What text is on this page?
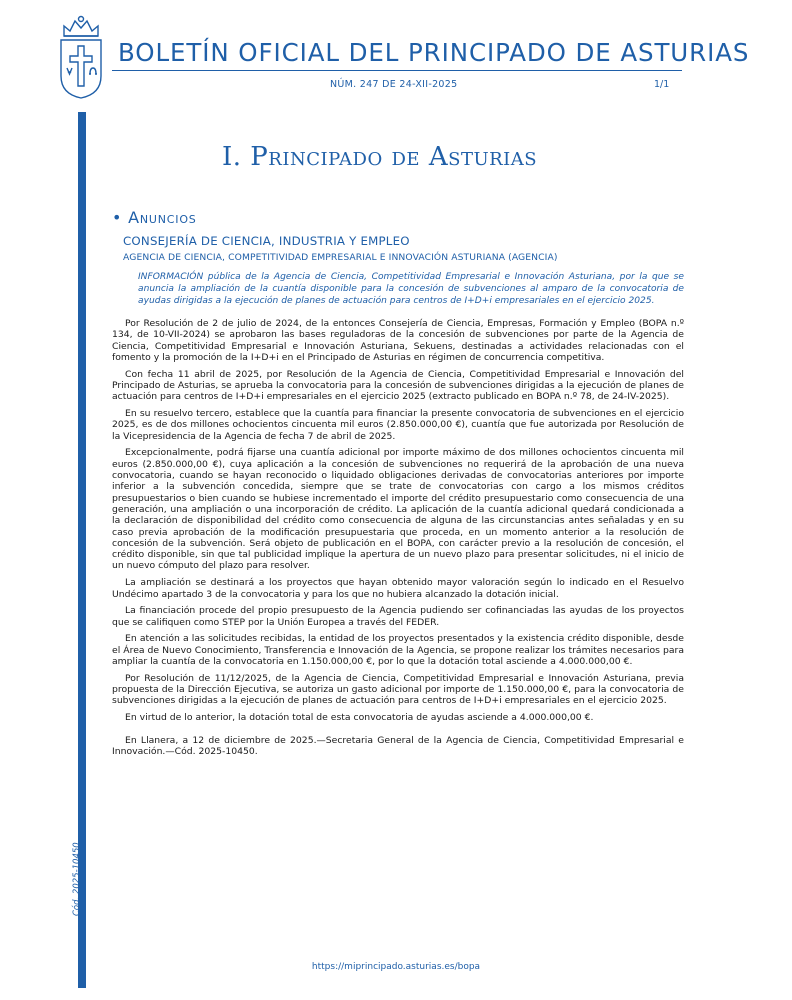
BOLETÍN OFICIAL DEL PRINCIPADO DE ASTURIAS
NÚM. 247 DE 24-XII-2025	1/1
Cód. 2025-10450
I. Principado de Asturias
• Anuncios
CONSEJERÍA DE CIENCIA, INDUSTRIA Y EMPLEO
AGENCIA DE CIENCIA, COMPETITIVIDAD EMPRESARIAL E INNOVACIÓN ASTURIANA (AGENCIA)

INFORMACIÓN pública de la Agencia de Ciencia, Competitividad Empresarial e Innovación Asturiana, por la que se anuncia la ampliación de la cuantía disponible para la concesión de subvenciones al amparo de la convocatoria de ayudas dirigidas a la ejecución de planes de actuación para centros de I+D+i empresariales en el ejercicio 2025.

Por Resolución de 2 de julio de 2024, de la entonces Consejería de Ciencia, Empresas, Formación y Empleo (BOPA n.º 134, de 10-VII-2024) se aprobaron las bases reguladoras de la concesión de subvenciones por parte de la Agencia de Ciencia, Competitividad Empresarial e Innovación Asturiana, Sekuens, destinadas a actividades relacionadas con el fomento y la promoción de la I+D+i en el Principado de Asturias en régimen de concurrencia competitiva.

Con fecha 11 abril de 2025, por Resolución de la Agencia de Ciencia, Competitividad Empresarial e Innovación del Principado de Asturias, se aprueba la convocatoria para la concesión de subvenciones dirigidas a la ejecución de planes de actuación para centros de I+D+i empresariales en el ejercicio 2025 (extracto publicado en BOPA n.º 78, de 24-IV-2025).

En su resuelvo tercero, establece que la cuantía para financiar la presente convocatoria de subvenciones en el ejercicio 2025, es de dos millones ochocientos cincuenta mil euros (2.850.000,00 €), cuantía que fue autorizada por Resolución de la Vicepresidencia de la Agencia de fecha 7 de abril de 2025.

Excepcionalmente, podrá fijarse una cuantía adicional por importe máximo de dos millones ochocientos cincuenta mil euros (2.850.000,00 €), cuya aplicación a la concesión de subvenciones no requerirá de la aprobación de una nueva convocatoria, cuando se hayan reconocido o liquidado obligaciones derivadas de convocatorias anteriores por importe inferior a la subvención concedida, siempre que se trate de convocatorias con cargo a los mismos créditos presupuestarios o bien cuando se hubiese incrementado el importe del crédito presupuestario como consecuencia de una generación, una ampliación o una incorporación de crédito. La aplicación de la cuantía adicional quedará condicionada a la declaración de disponibilidad del crédito como consecuencia de alguna de las circunstancias antes señaladas y en su caso previa aprobación de la modificación presupuestaria que proceda, en un momento anterior a la resolución de concesión de la subvención. Será objeto de publicación en el BOPA, con carácter previo a la resolución de concesión, el crédito disponible, sin que tal publicidad implique la apertura de un nuevo plazo para presentar solicitudes, ni el inicio de un nuevo cómputo del plazo para resolver.

La ampliación se destinará a los proyectos que hayan obtenido mayor valoración según lo indicado en el Resuelvo Undécimo apartado 3 de la convocatoria y para los que no hubiera alcanzado la dotación inicial.

La financiación procede del propio presupuesto de la Agencia pudiendo ser cofinanciadas las ayudas de los proyectos que se califiquen como STEP por la Unión Europea a través del FEDER.

En atención a las solicitudes recibidas, la entidad de los proyectos presentados y la existencia crédito disponible, desde el Área de Nuevo Conocimiento, Transferencia e Innovación de la Agencia, se propone realizar los trámites necesarios para ampliar la cuantía de la convocatoria en 1.150.000,00 €, por lo que la dotación total asciende a 4.000.000,00 €.

Por Resolución de 11/12/2025, de la Agencia de Ciencia, Competitividad Empresarial e Innovación Asturiana, previa propuesta de la Dirección Ejecutiva, se autoriza un gasto adicional por importe de 1.150.000,00 €, para la convocatoria de subvenciones dirigidas a la ejecución de planes de actuación para centros de I+D+i empresariales en el ejercicio 2025.

En virtud de lo anterior, la dotación total de esta convocatoria de ayudas asciende a 4.000.000,00 €.

En Llanera, a 12 de diciembre de 2025.—Secretaria General de la Agencia de Ciencia, Competitividad Empresarial e Innovación.—Cód. 2025-10450.

https://miprincipado.asturias.es/bopa
